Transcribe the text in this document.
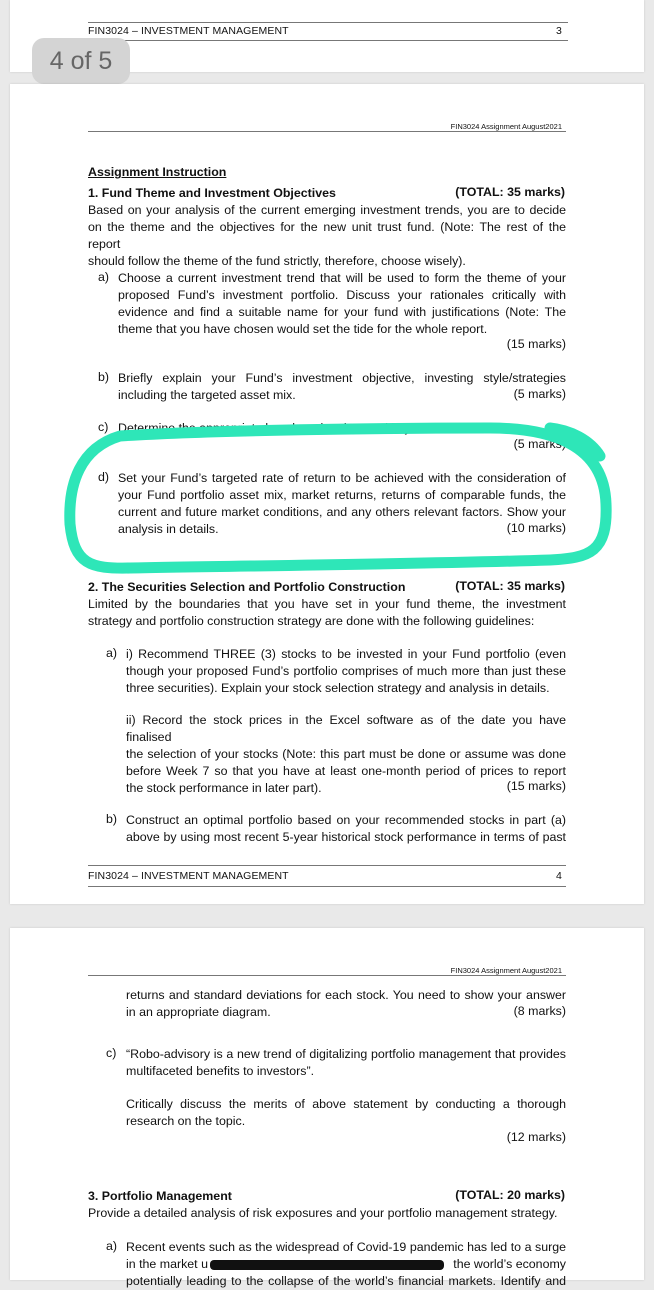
FIN3024 – INVESTMENT MANAGEMENT	3
4 of 5
FIN3024 Assignment August2021
Assignment Instruction
1. Fund Theme and Investment Objectives	(TOTAL: 35 marks)
Based on your analysis of the current emerging investment trends, you are to decide
on the theme and the objectives for the new unit trust fund. (Note: The rest of the report
should follow the theme of the fund strictly, therefore, choose wisely).
a) Choose a current investment trend that will be used to form the theme of your
proposed Fund’s investment portfolio. Discuss your rationales critically with
evidence and find a suitable name for your fund with justifications (Note: The
theme that you have chosen would set the tide for the whole report.
(15 marks)
b) Briefly explain your Fund’s investment objective, investing style/strategies
including the targeted asset mix.	(5 marks)
c) Determine the appropriate benchmark to be used in yo	nce
(5 marks)
d) Set your Fund’s targeted rate of return to be achieved with the consideration of
your Fund portfolio asset mix, market returns, returns of comparable funds, the
current and future market conditions, and any others relevant factors. Show your
analysis in details.	(10 marks)
2. The Securities Selection and Portfolio Construction	(TOTAL: 35 marks)
Limited by the boundaries that you have set in your fund theme, the investment
strategy and portfolio construction strategy are done with the following guidelines:
a) i) Recommend THREE (3) stocks to be invested in your Fund portfolio (even
though your proposed Fund’s portfolio comprises of much more than just these
three securities). Explain your stock selection strategy and analysis in details.
ii) Record the stock prices in the Excel software as of the date you have finalised
the selection of your stocks (Note: this part must be done or assume was done
before Week 7 so that you have at least one-month period of prices to report
the stock performance in later part).	(15 marks)
b) Construct an optimal portfolio based on your recommended stocks in part (a)
above by using most recent 5-year historical stock performance in terms of past
FIN3024 – INVESTMENT MANAGEMENT	4
FIN3024 Assignment August2021
returns and standard deviations for each stock. You need to show your answer
in an appropriate diagram.	(8 marks)
c) “Robo-advisory is a new trend of digitalizing portfolio management that provides
multifaceted benefits to investors”.
Critically discuss the merits of above statement by conducting a thorough
research on the topic.
(12 marks)
3. Portfolio Management	(TOTAL: 20 marks)
Provide a detailed analysis of risk exposures and your portfolio management strategy.
a) Recent events such as the widespread of Covid-19 pandemic has led to a surge
in the market u	the world’s economy
potentially leading to the collapse of the world’s financial markets. Identify and
